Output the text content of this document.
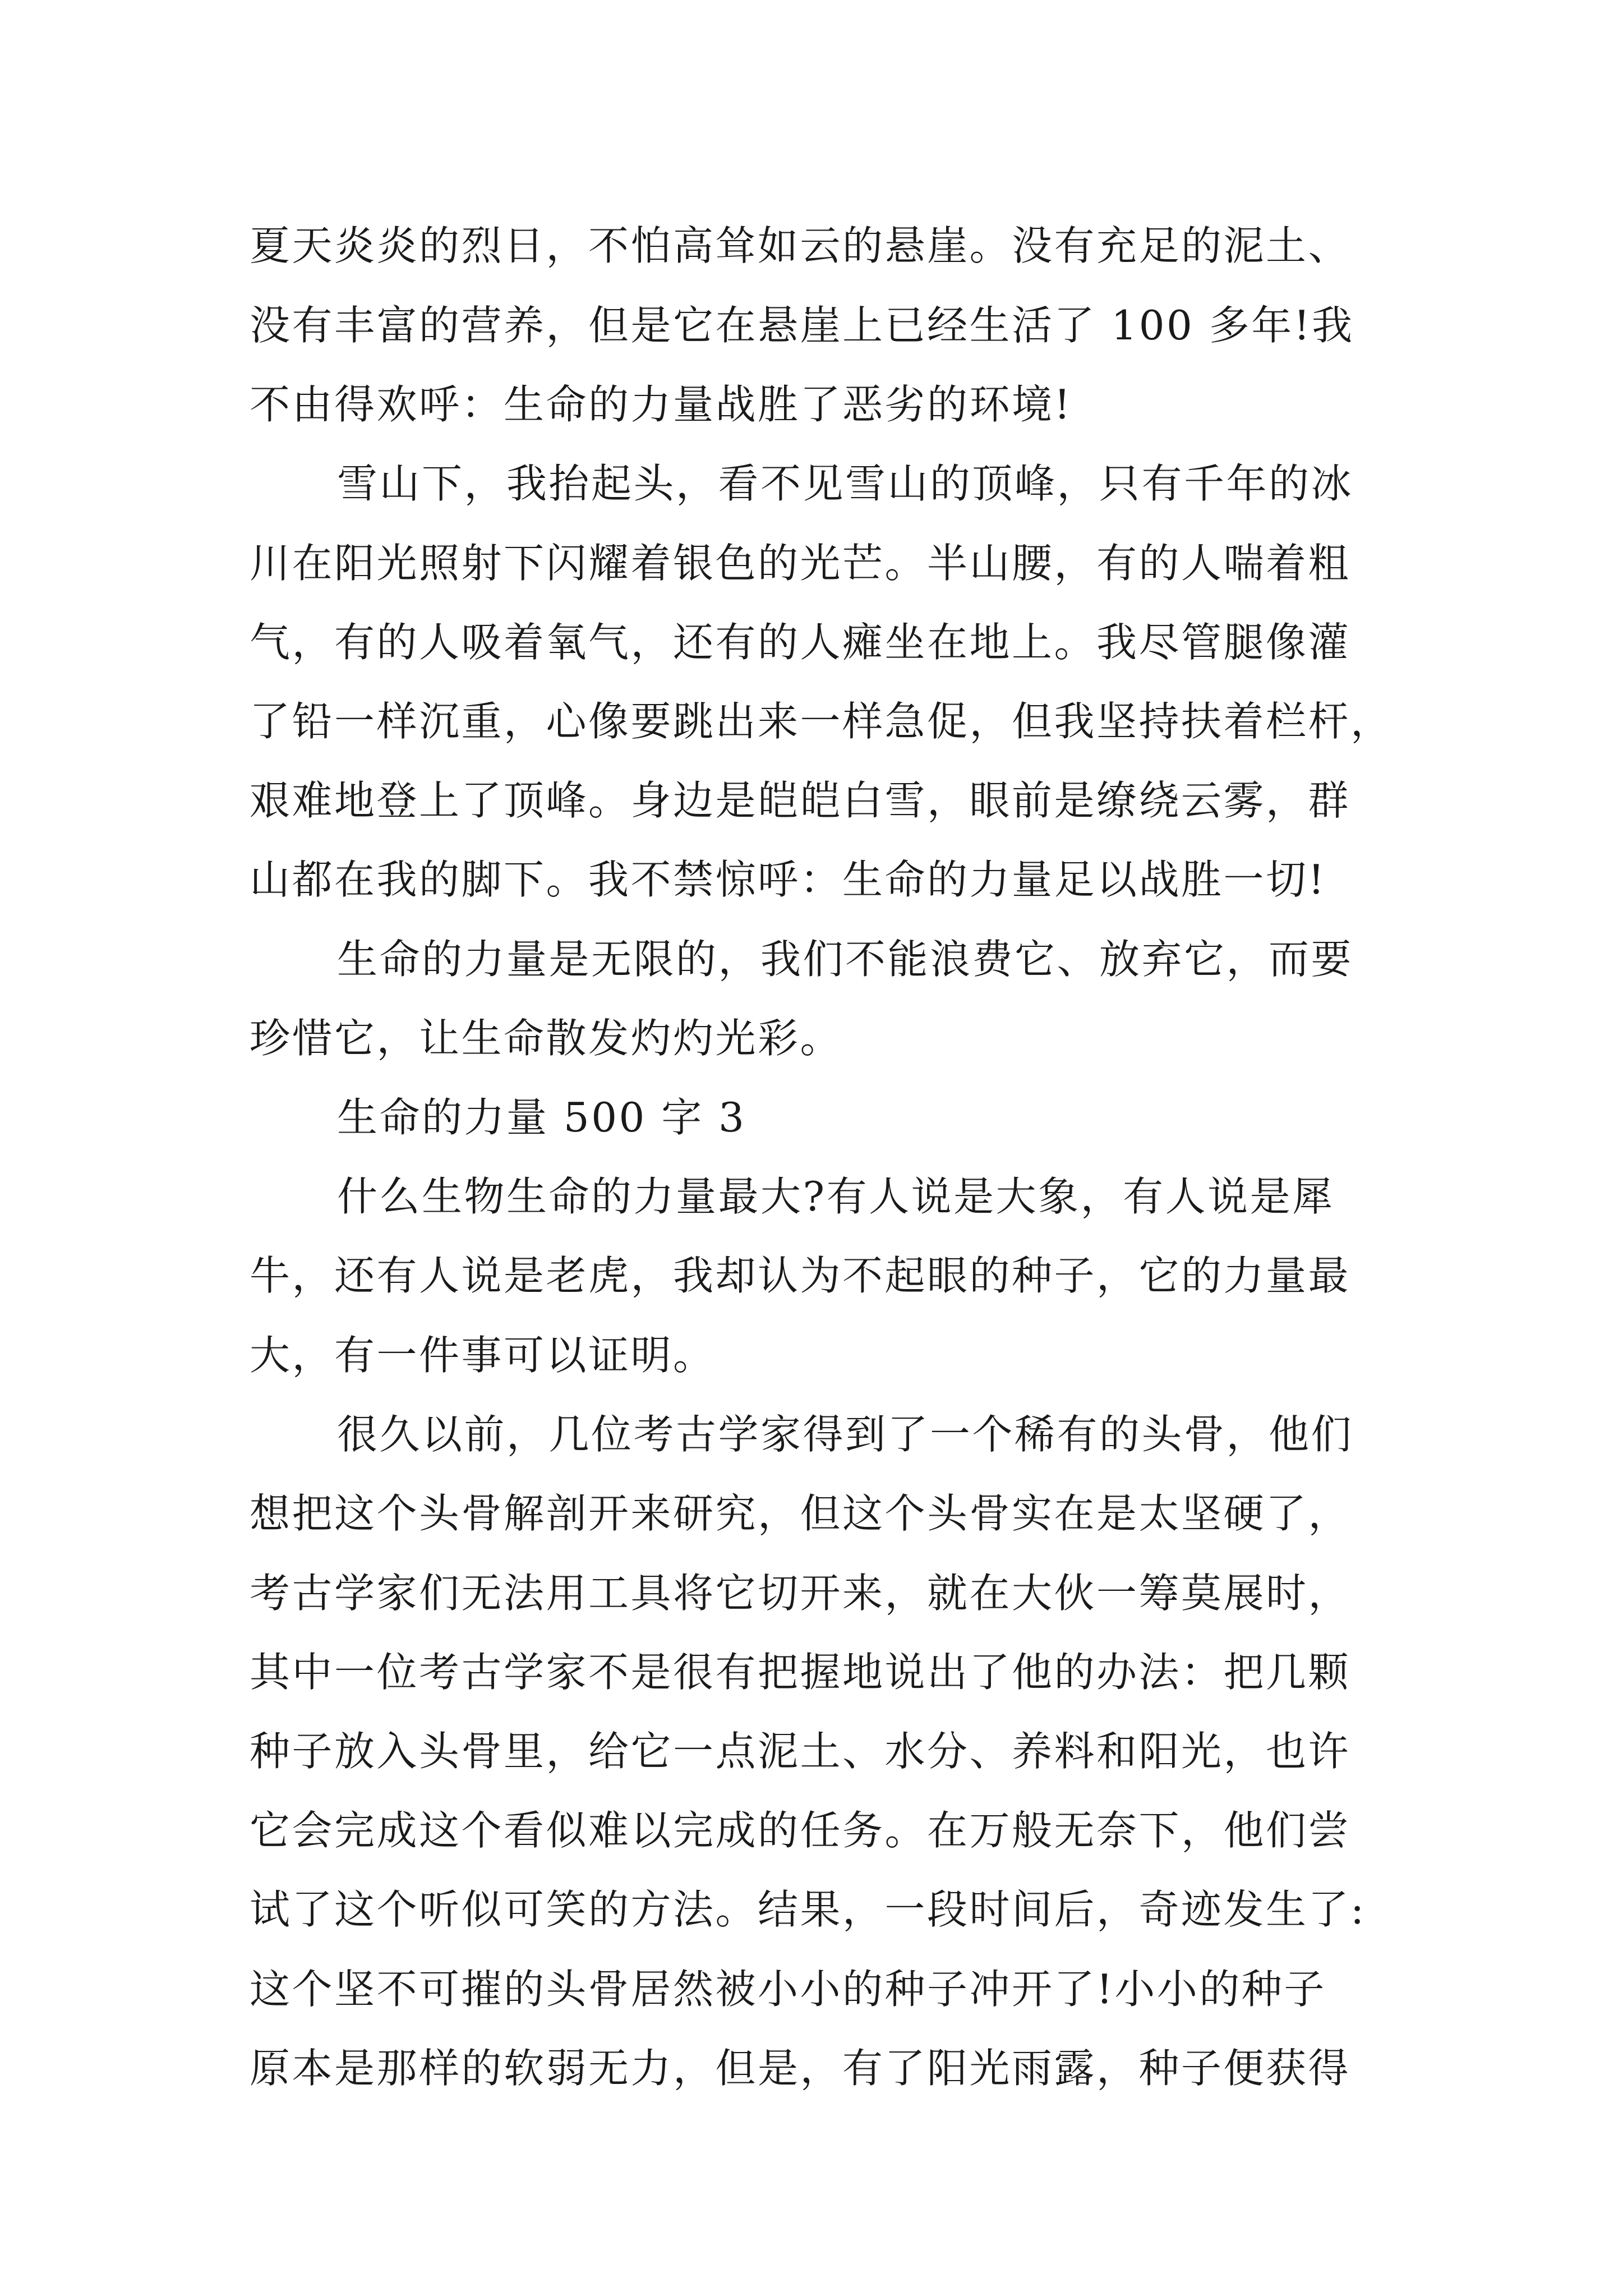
夏天炎炎的烈日，不怕高耸如云的悬崖。没有充足的泥土、
没有丰富的营养，但是它在悬崖上已经生活了 100 多年!我
不由得欢呼：生命的力量战胜了恶劣的环境!
雪山下，我抬起头，看不见雪山的顶峰，只有千年的冰
川在阳光照射下闪耀着银色的光芒。半山腰，有的人喘着粗
气，有的人吸着氧气，还有的人瘫坐在地上。我尽管腿像灌
了铅一样沉重，心像要跳出来一样急促，但我坚持扶着栏杆，
艰难地登上了顶峰。身边是皑皑白雪，眼前是缭绕云雾，群
山都在我的脚下。我不禁惊呼：生命的力量足以战胜一切!
生命的力量是无限的，我们不能浪费它、放弃它，而要
珍惜它，让生命散发灼灼光彩。
生命的力量 500 字 3
什么生物生命的力量最大?有人说是大象，有人说是犀
牛，还有人说是老虎，我却认为不起眼的种子，它的力量最
大，有一件事可以证明。
很久以前，几位考古学家得到了一个稀有的头骨，他们
想把这个头骨解剖开来研究，但这个头骨实在是太坚硬了，
考古学家们无法用工具将它切开来，就在大伙一筹莫展时，
其中一位考古学家不是很有把握地说出了他的办法：把几颗
种子放入头骨里，给它一点泥土、水分、养料和阳光，也许
它会完成这个看似难以完成的任务。在万般无奈下，他们尝
试了这个听似可笑的方法。结果，一段时间后，奇迹发生了:
这个坚不可摧的头骨居然被小小的种子冲开了!小小的种子
原本是那样的软弱无力，但是，有了阳光雨露，种子便获得
